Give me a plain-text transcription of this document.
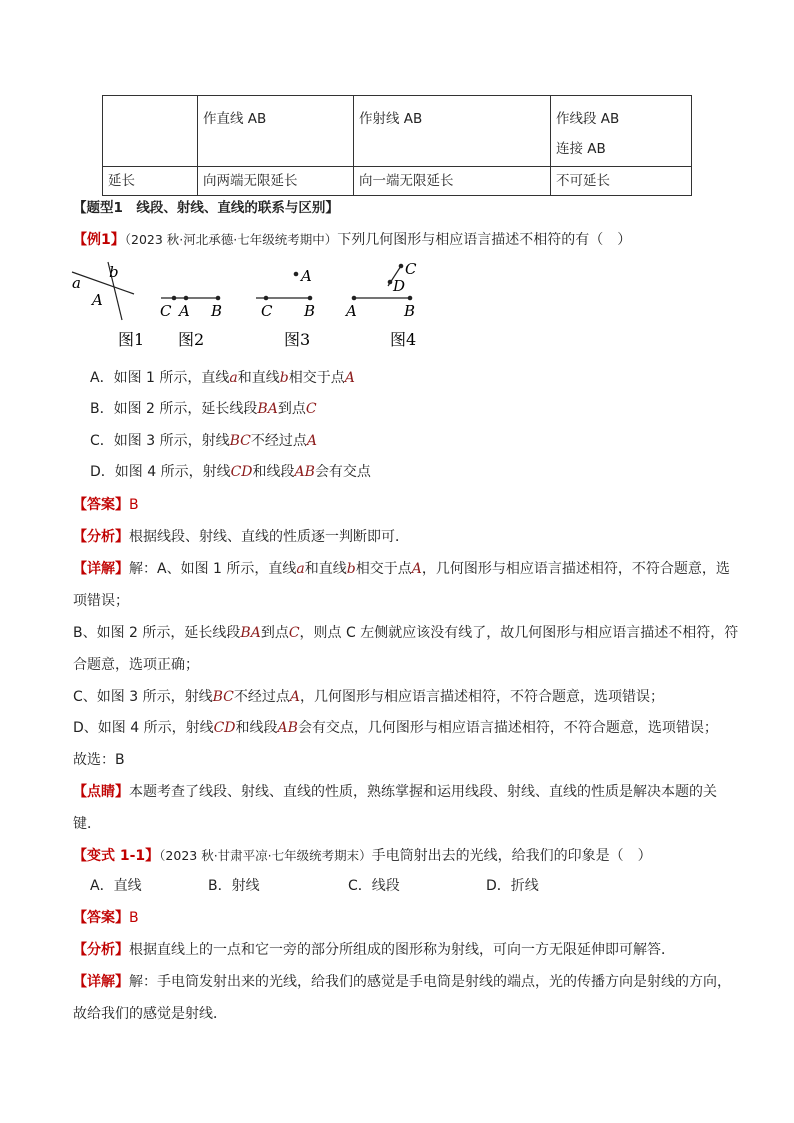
	作直线 AB	作射线 AB	作线段 AB
连接 AB

延长	向两端无限延长	向一端无限延长	不可延长
【题型1　线段、射线、直线的联系与区别】
【例1】（2023 秋·河北承德·七年级统考期中）下列几何图形与相应语言描述不相符的有（　）
a
b
A
C A B
A
C B
C
D
A	B
图1 图2	图3	图4
A．如图 1 所示，直线a和直线b相交于点A
B．如图 2 所示，延长线段BA到点C
C．如图 3 所示，射线BC不经过点A
D．如图 4 所示，射线CD和线段AB会有交点
【答案】B
【分析】根据线段、射线、直线的性质逐一判断即可．
【详解】解：A、如图 1 所示，直线a和直线b相交于点A，几何图形与相应语言描述相符，不符合题意，选
项错误；
B、如图 2 所示，延长线段BA到点C，则点 C 左侧就应该没有线了，故几何图形与相应语言描述不相符，符
合题意，选项正确；
C、如图 3 所示，射线BC不经过点A，几何图形与相应语言描述相符，不符合题意，选项错误；
D、如图 4 所示，射线CD和线段AB会有交点，几何图形与相应语言描述相符，不符合题意，选项错误；
故选：B
【点睛】本题考查了线段、射线、直线的性质，熟练掌握和运用线段、射线、直线的性质是解决本题的关
键．
【变式 1-1】（2023 秋·甘肃平凉·七年级统考期末）手电筒射出去的光线，给我们的印象是（　）
A．直线	B．射线	C．线段	D．折线
【答案】B
【分析】根据直线上的一点和它一旁的部分所组成的图形称为射线，可向一方无限延伸即可解答．
【详解】解：手电筒发射出来的光线，给我们的感觉是手电筒是射线的端点，光的传播方向是射线的方向，
故给我们的感觉是射线．
